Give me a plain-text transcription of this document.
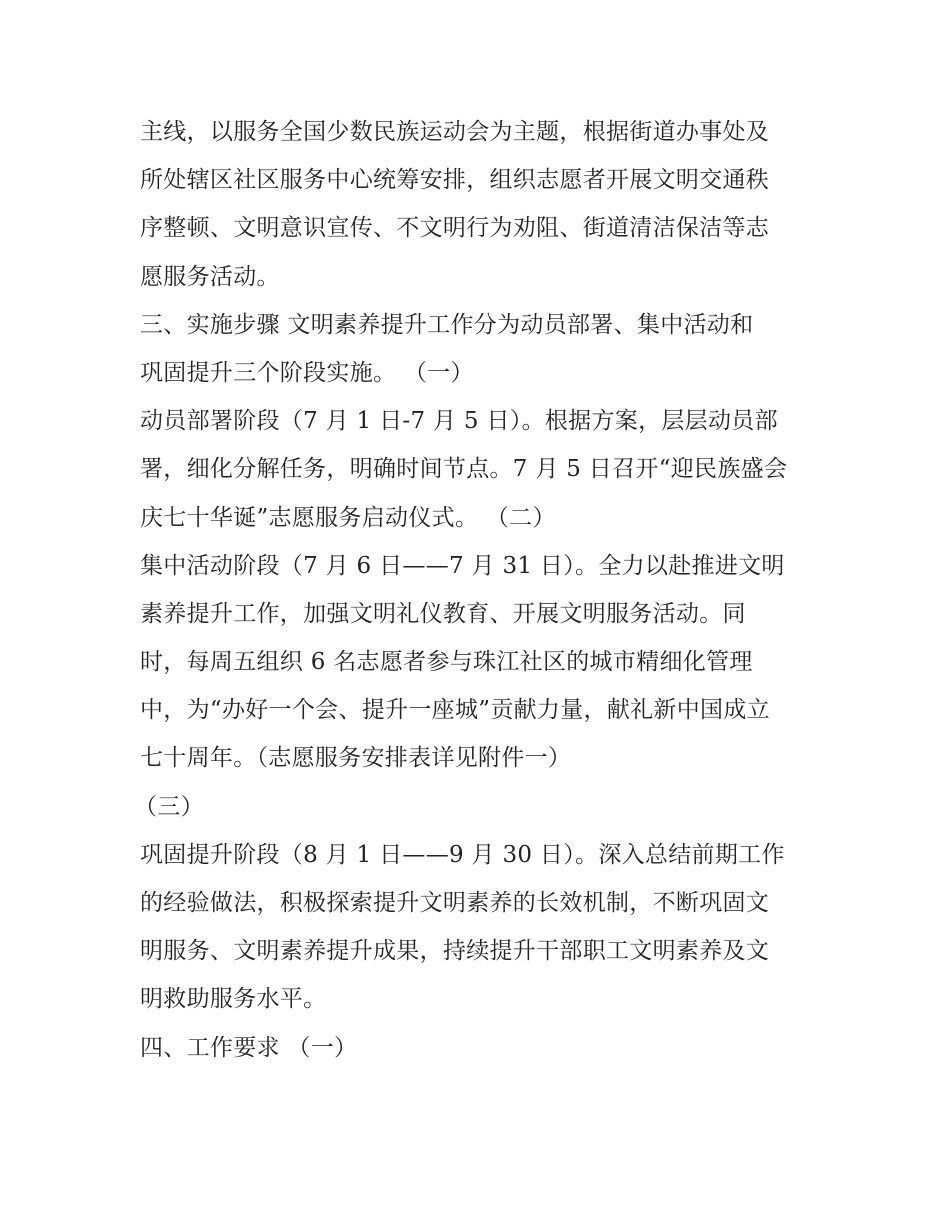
主线，以服务全国少数民族运动会为主题，根据街道办事处及
所处辖区社区服务中心统筹安排，组织志愿者开展文明交通秩
序整顿、文明意识宣传、不文明行为劝阻、街道清洁保洁等志
愿服务活动。
三、实施步骤 文明素养提升工作分为动员部署、集中活动和
巩固提升三个阶段实施。 （一）
动员部署阶段（7 月 1 日-7 月 5 日）。根据方案，层层动员部
署，细化分解任务，明确时间节点。7 月 5 日召开“迎民族盛会
庆七十华诞”志愿服务启动仪式。 （二）
集中活动阶段（7 月 6 日——7 月 31 日）。全力以赴推进文明
素养提升工作，加强文明礼仪教育、开展文明服务活动。同
时，每周五组织 6 名志愿者参与珠江社区的城市精细化管理
中，为“办好一个会、提升一座城”贡献力量，献礼新中国成立
七十周年。（志愿服务安排表详见附件一）
（三）
巩固提升阶段（8 月 1 日——9 月 30 日）。深入总结前期工作
的经验做法，积极探索提升文明素养的长效机制，不断巩固文
明服务、文明素养提升成果，持续提升干部职工文明素养及文
明救助服务水平。
四、工作要求 （一）
